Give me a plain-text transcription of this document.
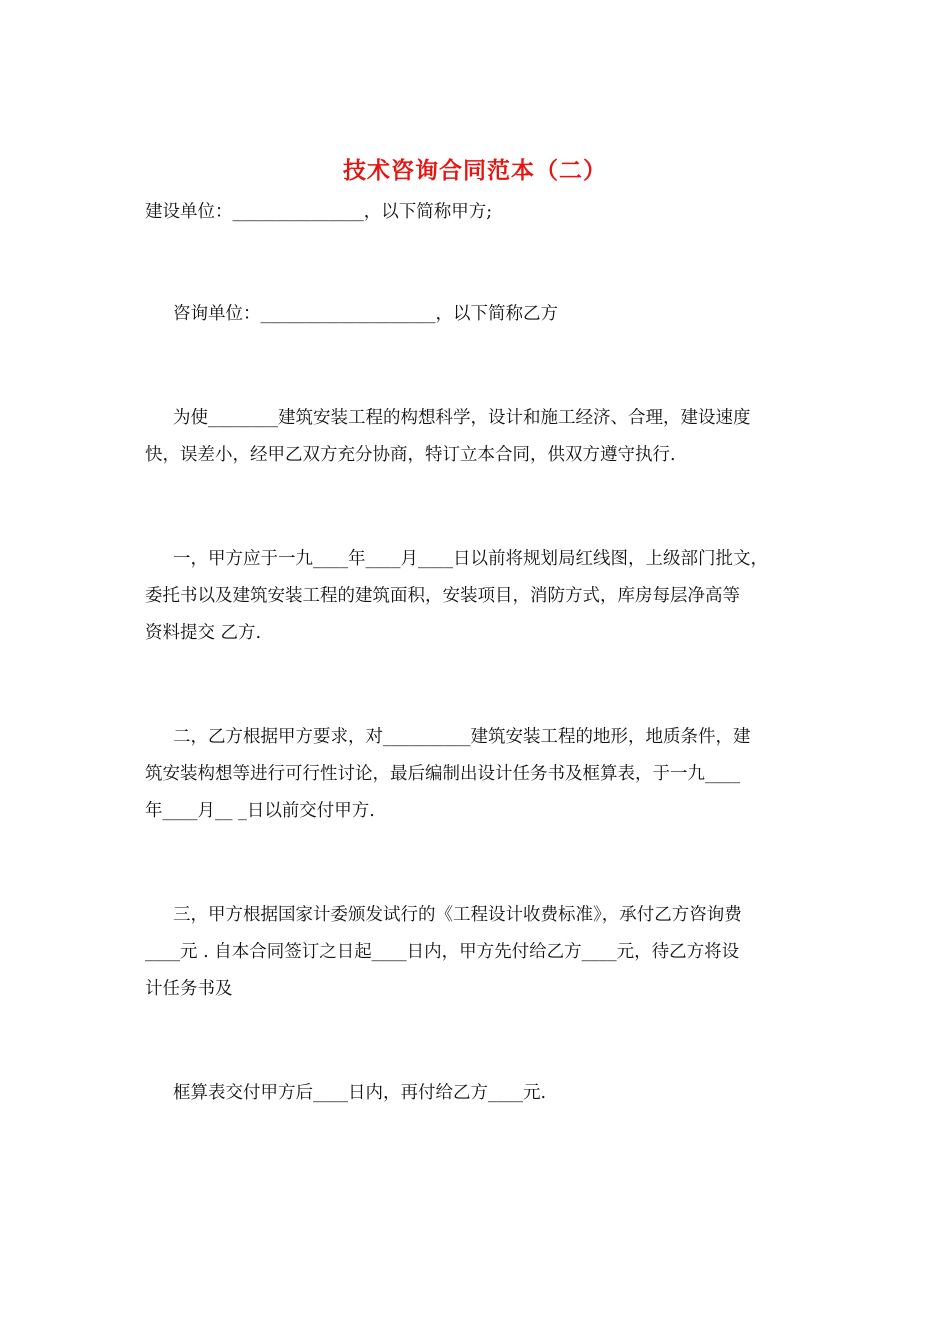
技术咨询合同范本（二）
建设单位：_______________，以下简称甲方;
咨询单位：____________________，以下简称乙方
为使________建筑安装工程的构想科学，设计和施工经济、合理，建设速度
快，误差小，经甲乙双方充分协商，特订立本合同，供双方遵守执行.
一，甲方应于一九____年____月____日以前将规划局红线图，上级部门批文，
委托书以及建筑安装工程的建筑面积，安装项目，消防方式，库房每层净高等
资料提交 乙方.
二，乙方根据甲方要求，对__________建筑安装工程的地形，地质条件，建
筑安装构想等进行可行性讨论，最后编制出设计任务书及框算表，于一九____
年____月__ _日以前交付甲方.
三，甲方根据国家计委颁发试行的《工程设计收费标准》，承付乙方咨询费
____元 . 自本合同签订之日起____日内，甲方先付给乙方____元，待乙方将设
计任务书及
框算表交付甲方后____日内，再付给乙方____元.
